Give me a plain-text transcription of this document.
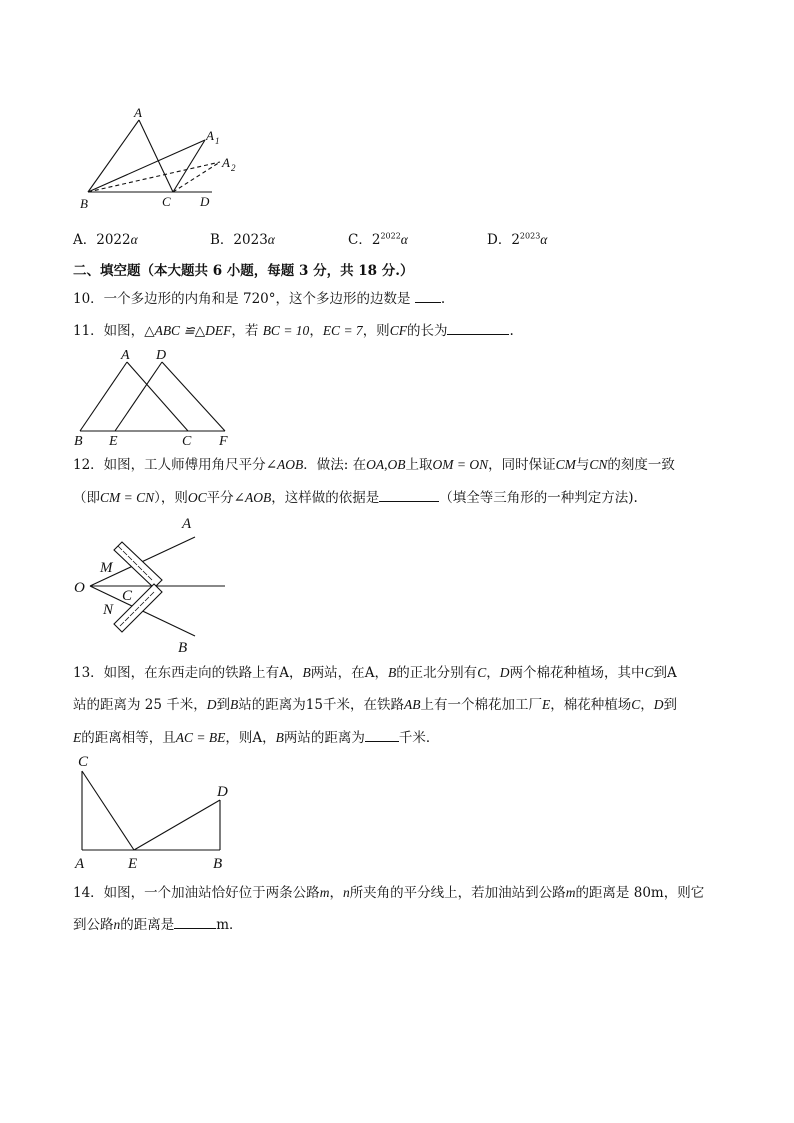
A
A 1
A 2
B	C D
A．2022α	B．2023α	C．$2^{2022}\alpha$	D．$2^{2023}\alpha$
二、填空题（本大题共 6 小题，每题 3 分，共 18 分.）
10．一个多边形的内角和是 720°，这个多边形的边数是 .
11．如图，△ABC ≌△DEF，若 BC = 10，EC = 7，则CF的长为	.
A D
B E	C F
12．如图，工人师傅用角尺平分∠AOB．做法: 在OA,OB上取OM = ON，同时保证CM与CN的刻度一致
（即CM = CN），则OC平分∠AOB，这样做的依据是	（填全等三角形的一种判定方法).
A
M
O C
N
B
13．如图，在东西走向的铁路上有A，B两站，在A，B的正北分别有C，D两个棉花种植场，其中C到A
站的距离为 25 千米，D到B站的距离为15千米，在铁路AB上有一个棉花加工厂E，棉花种植场C，D到
E的距离相等，且AC = BE，则A，B两站的距离为	千米．
C
D
A	E	B
14．如图，一个加油站恰好位于两条公路m，n所夹角的平分线上，若加油站到公路m的距离是 80m，则它
到公路n的距离是	m．
